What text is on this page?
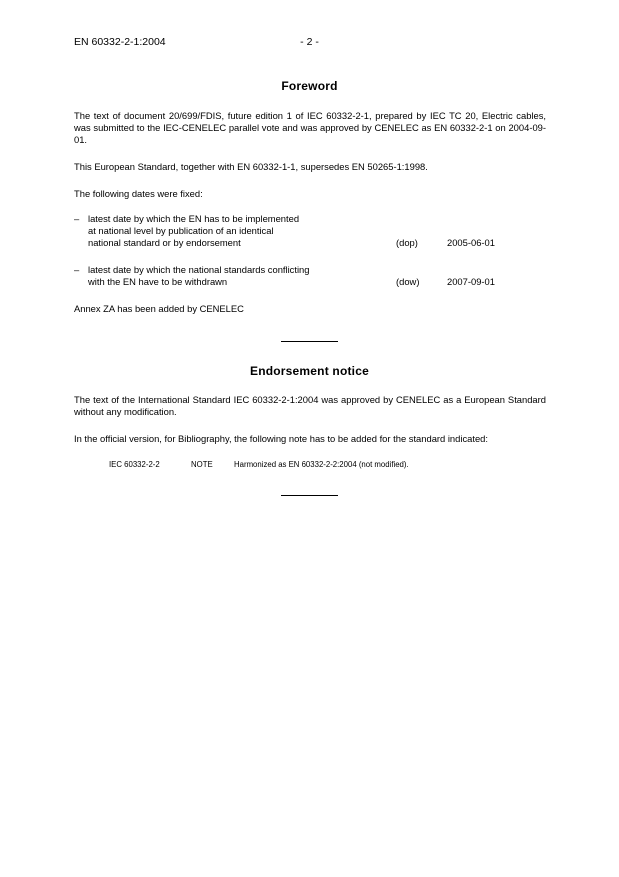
EN 60332-2-1:2004	- 2 -
Foreword
The text of document 20/699/FDIS, future edition 1 of IEC 60332-2-1, prepared by IEC TC 20, Electric cables, was submitted to the IEC-CENELEC parallel vote and was approved by CENELEC as EN 60332-2-1 on 2004-09-01.
This European Standard, together with EN 60332-1-1, supersedes EN 50265-1:1998.
The following dates were fixed:
– latest date by which the EN has to be implemented
at national level by publication of an identical
national standard or by endorsement	(dop)	2005-06-01
– latest date by which the national standards conflicting
with the EN have to be withdrawn	(dow)	2007-09-01
Annex ZA has been added by CENELEC
Endorsement notice
The text of the International Standard IEC 60332-2-1:2004 was approved by CENELEC as a European Standard without any modification.
In the official version, for Bibliography, the following note has to be added for the standard indicated:
IEC 60332-2-2	NOTE	Harmonized as EN 60332-2-2:2004 (not modified).
